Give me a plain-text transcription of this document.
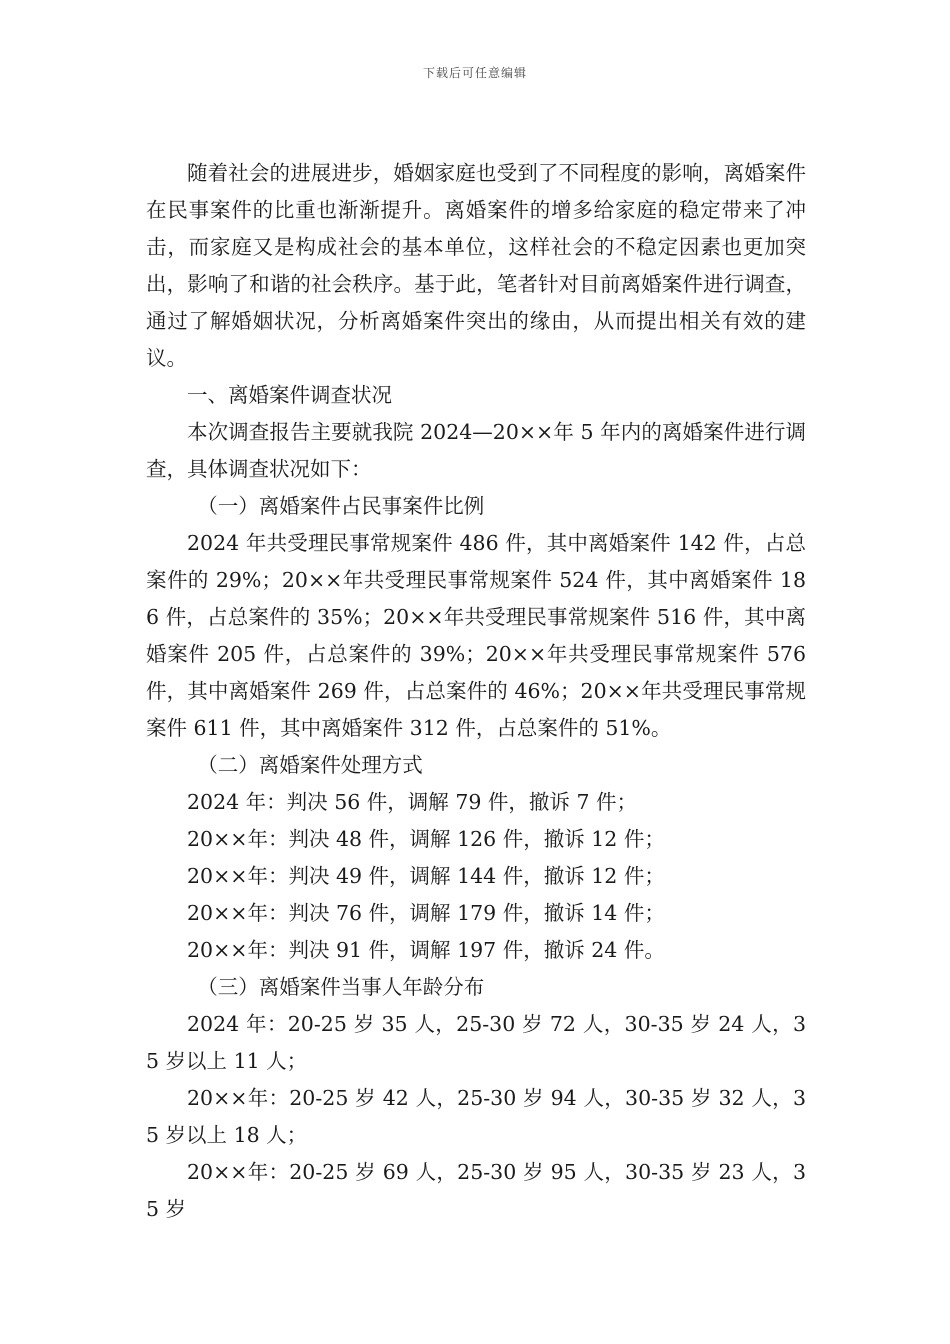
下载后可任意编辑

随着社会的进展进步，婚姻家庭也受到了不同程度的影响，离婚案件在民事案件的比重也渐渐提升。离婚案件的增多给家庭的稳定带来了冲击，而家庭又是构成社会的基本单位，这样社会的不稳定因素也更加突出，影响了和谐的社会秩序。基于此，笔者针对目前离婚案件进行调查，通过了解婚姻状况，分析离婚案件突出的缘由，从而提出相关有效的建议。

一、离婚案件调查状况

本次调查报告主要就我院 2024—20××年 5 年内的离婚案件进行调查，具体调查状况如下：

（一）离婚案件占民事案件比例

2024 年共受理民事常规案件 486 件，其中离婚案件 142 件，占总案件的 29%；20××年共受理民事常规案件 524 件，其中离婚案件 186 件，占总案件的 35%；20××年共受理民事常规案件 516 件，其中离婚案件 205 件，占总案件的 39%；20××年共受理民事常规案件 576 件，其中离婚案件 269 件，占总案件的 46%；20××年共受理民事常规案件 611 件，其中离婚案件 312 件，占总案件的 51%。

（二）离婚案件处理方式

2024 年：判决 56 件，调解 79 件，撤诉 7 件；

20××年：判决 48 件，调解 126 件，撤诉 12 件；

20××年：判决 49 件，调解 144 件，撤诉 12 件；

20××年：判决 76 件，调解 179 件，撤诉 14 件；

20××年：判决 91 件，调解 197 件，撤诉 24 件。

（三）离婚案件当事人年龄分布

2024 年：20-25 岁 35 人，25-30 岁 72 人，30-35 岁 24 人，35 岁以上 11 人；

20××年：20-25 岁 42 人，25-30 岁 94 人，30-35 岁 32 人，35 岁以上 18 人；

20××年：20-25 岁 69 人，25-30 岁 95 人，30-35 岁 23 人，35 岁
